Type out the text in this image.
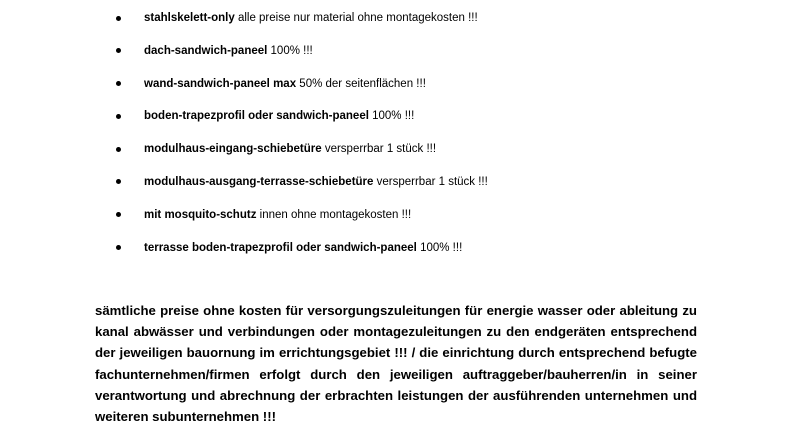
stahlskelett-only alle preise nur material ohne montagekosten !!!
dach-sandwich-paneel 100% !!!
wand-sandwich-paneel max 50% der seitenflächen !!!
boden-trapezprofil oder sandwich-paneel 100% !!!
modulhaus-eingang-schiebetüre versperrbar 1 stück !!!
modulhaus-ausgang-terrasse-schiebetüre versperrbar 1 stück !!!
mit mosquito-schutz innen ohne montagekosten !!!
terrasse boden-trapezprofil oder sandwich-paneel 100% !!!

sämtliche preise ohne kosten für versorgungszuleitungen für energie wasser oder ableitung zu kanal abwässer und verbindungen oder montagezuleitungen zu den endgeräten entsprechend der jeweiligen bauornung im errichtungsgebiet !!! / die einrichtung durch entsprechend befugte fachunternehmen/firmen erfolgt durch den jeweiligen auftraggeber/bauherren/in in seiner verantwortung und abrechnung der erbrachten leistungen der ausführenden unternehmen und weiteren subunternehmen !!!
